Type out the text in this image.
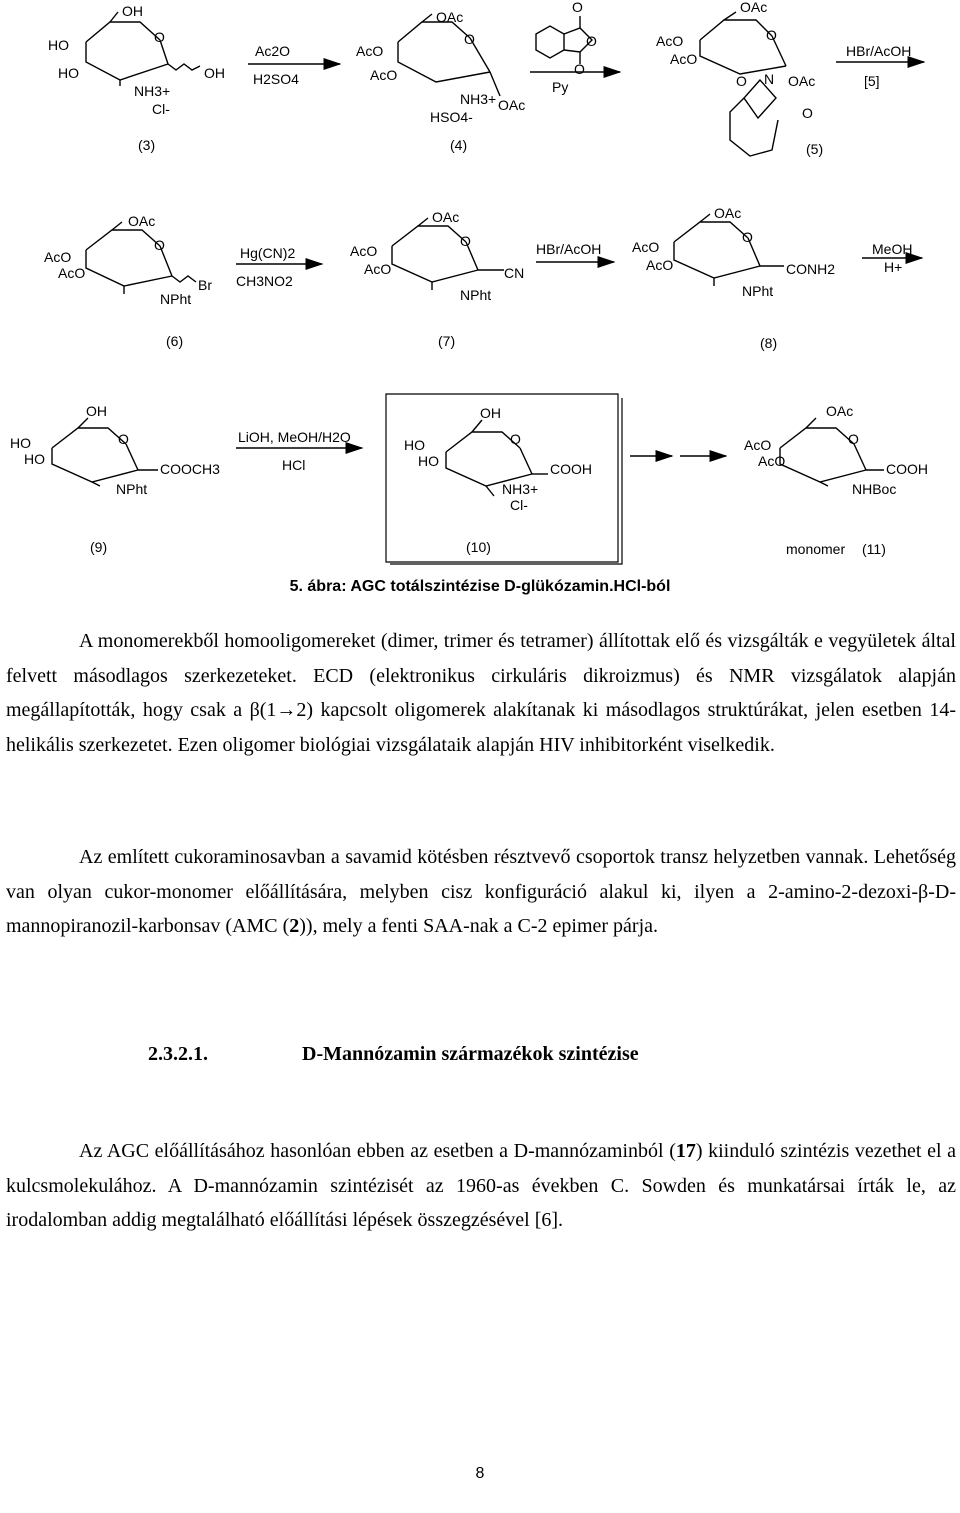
OH
HO
HO
O
OH
NH3+
Cl-
(3)
Ac2O
H2SO4
OAc
AcO
AcO
O
NH3+
HSO4-
OAc
(4)
O
O
O
Py
OAc
AcO
AcO
O
O N OAc
O
(5)
HBr/AcOH
[5]
OAc
AcO
AcO
O
Br
NPht
(6)
Hg(CN)2
CH3NO2
OAc
AcO
AcO
O
CN
NPht
(7)
HBr/AcOH
OAc
AcO
AcO
O
CONH2
NPht
(8)
MeOH
H+
OH
HO
HO
O
COOCH3
NPht
(9)
LiOH, MeOH/H2O
HCl
OH
HO
HO
O
COOH
NH3+
Cl-
(10)
OAc
AcO
AcO
O
COOH
NHBoc
monomer (11)
5. ábra: AGC totálszintézise D-glükózamin.HCl-ból

A monomerekből homooligomereket (dimer, trimer és tetramer) állítottak elő és vizsgálták e vegyületek által felvett másodlagos szerkezeteket. ECD (elektronikus cirkuláris dikroizmus) és NMR vizsgálatok alapján megállapították, hogy csak a β(1→2) kapcsolt oligomerek alakítanak ki másodlagos struktúrákat, jelen esetben 14-helikális szerkezetet. Ezen oligomer biológiai vizsgálataik alapján HIV inhibitorként viselkedik.

Az említett cukoraminosavban a savamid kötésben résztvevő csoportok transz helyzetben vannak. Lehetőség van olyan cukor-monomer előállítására, melyben cisz konfiguráció alakul ki, ilyen a 2-amino-2-dezoxi-β-D-mannopiranozil-karbonsav (AMC (2)), mely a fenti SAA-nak a C-2 epimer párja.

2.3.2.1.	D-Mannózamin származékok szintézise

Az AGC előállításához hasonlóan ebben az esetben a D-mannózaminból (17) kiinduló szintézis vezethet el a kulcsmolekulához. A D-mannózamin szintézisét az 1960-as években C. Sowden és munkatársai írták le, az irodalomban addig megtalálható előállítási lépések összegzésével [6].

8
